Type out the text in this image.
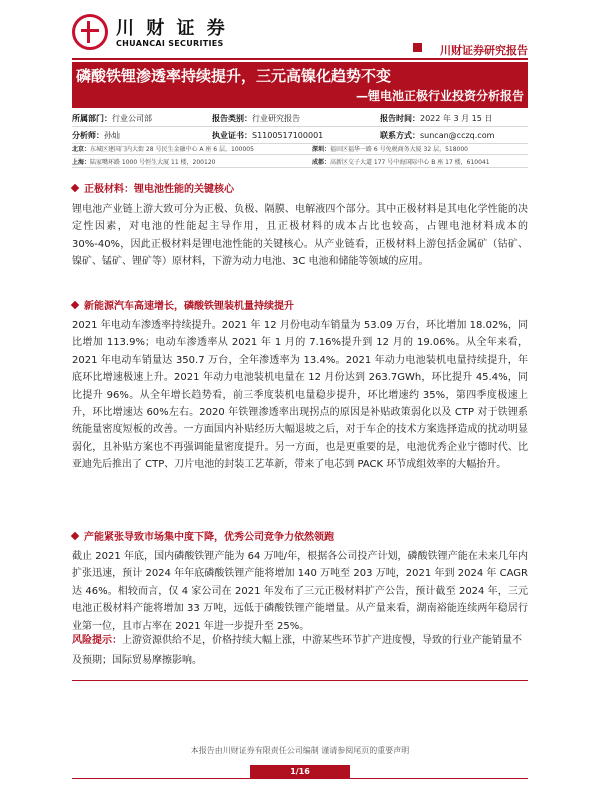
川 财 证 券
CHUANCAI SECURITIES
川财证券研究报告
磷酸铁锂渗透率持续提升，三元高镍化趋势不变
—锂电池正极行业投资分析报告
所属部门：行业公司部	报告类别：行业研究报告	报告时间：2022 年 3 月 15 日
分析师：孙灿	执业证书：S1100517100001	联系方式：suncan@cczq.com
北京：东城区建国门内大街 28 号民生金融中心 A 座 6 层，100005	深圳：福田区福华一路 6 号免税商务大厦 32 层，518000
上海：陆家嘴环路 1000 号恒生大厦 11 楼，200120	成都：高新区交子大道 177 号中海国际中心 B 座 17 楼，610041
正极材料：锂电池性能的关键核心
锂电池产业链上游大致可分为正极、负极、隔膜、电解液四个部分。其中正极材料是其电化学性能的决定性因素，对电池的性能起主导作用，且正极材料的成本占比也较高，占锂电池材料成本的 30%-40%，因此正极材料是锂电池性能的关键核心。从产业链看，正极材料上游包括金属矿（钴矿、镍矿、锰矿、锂矿等）原材料，下游为动力电池、3C 电池和储能等领域的应用。
新能源汽车高速增长，磷酸铁锂装机量持续提升
2021 年电动车渗透率持续提升。2021 年 12 月份电动车销量为 53.09 万台，环比增加 18.02%，同比增加 113.9%；电动车渗透率从 2021 年 1 月的 7.16%提升到 12 月的 19.06%。从全年来看，2021 年电动车销量达 350.7 万台，全年渗透率为 13.4%。2021 年动力电池装机电量持续提升，年底环比增速极速上升。2021 年动力电池装机电量在 12 月份达到 263.7GWh，环比提升 45.4%，同比提升 96%。从全年增长趋势看，前三季度装机电量稳步提升，环比增速约 35%，第四季度极速上升，环比增速达 60%左右。2020 年铁锂渗透率出现拐点的原因是补贴政策弱化以及 CTP 对于铁锂系统能量密度短板的改善。一方面国内补贴经历大幅退坡之后，对于车企的技术方案选择造成的扰动明显弱化，且补贴方案也不再强调能量密度提升。另一方面，也是更重要的是，电池优秀企业宁德时代、比亚迪先后推出了 CTP、刀片电池的封装工艺革新，带来了电芯到 PACK 环节成组效率的大幅抬升。
产能紧张导致市场集中度下降，优秀公司竞争力依然领跑
截止 2021 年底，国内磷酸铁锂产能为 64 万吨/年，根据各公司投产计划，磷酸铁锂产能在未来几年内扩张迅速，预计 2024 年年底磷酸铁锂产能将增加 140 万吨至 203 万吨，2021 年到 2024 年 CAGR 达 46%。相较而言，仅 4 家公司在 2021 年发布了三元正极材料扩产公告，预计截至 2024 年，三元电池正极材料产能将增加 33 万吨，远低于磷酸铁锂产能增量。从产量来看，湖南裕能连续两年稳居行业第一位，且市占率在 2021 年进一步提升至 25%。
风险提示：上游资源供给不足，价格持续大幅上涨，中游某些环节扩产进度慢，导致的行业产能销量不及预期；国际贸易摩擦影响。
本报告由川财证券有限责任公司编制 谨请参阅尾页的重要声明
1/16
